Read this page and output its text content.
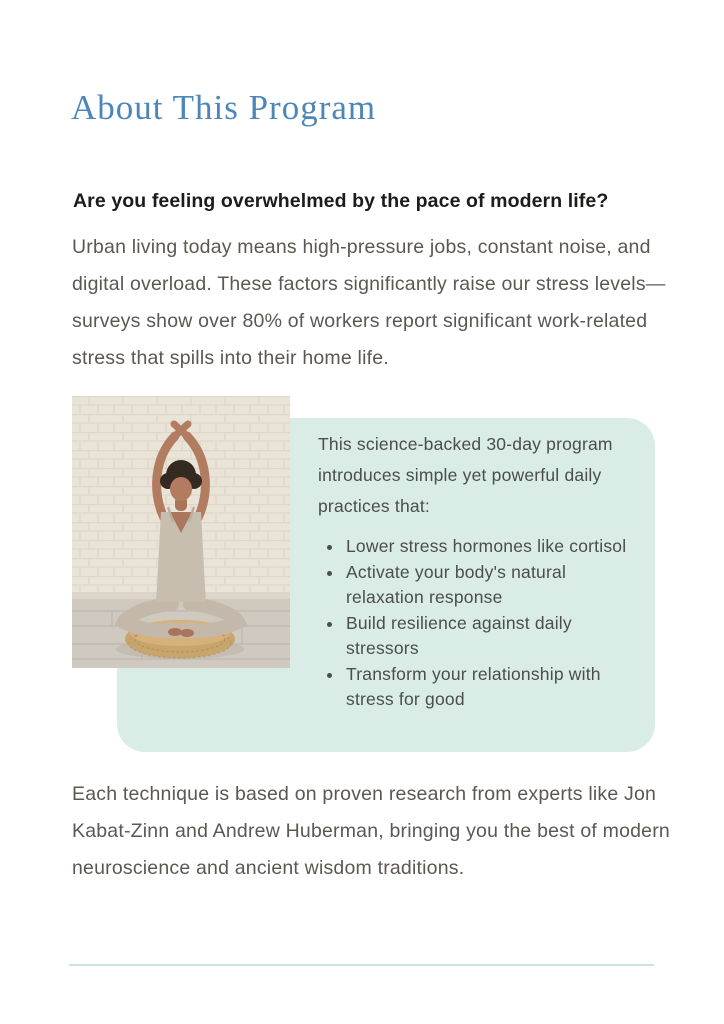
About This Program
Are you feeling overwhelmed by the pace of modern life?

Urban living today means high-pressure jobs, constant noise, and digital overload. These factors significantly raise our stress levels—surveys show over 80% of workers report significant work-related stress that spills into their home life.

This science-backed 30-day program introduces simple yet powerful daily practices that:

• Lower stress hormones like cortisol
• Activate your body's natural relaxation response
• Build resilience against daily stressors
• Transform your relationship with stress for good

Each technique is based on proven research from experts like Jon Kabat-Zinn and Andrew Huberman, bringing you the best of modern neuroscience and ancient wisdom traditions.
